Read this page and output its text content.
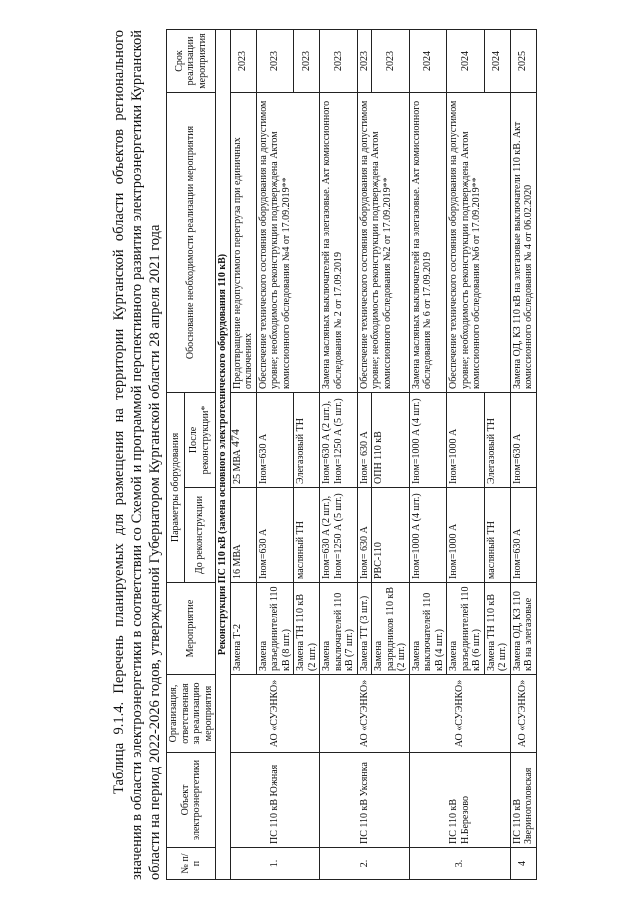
474

Таблица 9.1.4. Перечень планируемых для размещения на территории Курганской области объектов регионального значения в области электроэнергетики в соответствии со Схемой и программой перспективного развития электроэнергетики Курганской области на период 2022-2026 годов, утвержденной Губернатором Курганской области 28 апреля 2021 года № п/п	Объект электроэнергетики	Организация, ответственная за реализацию мероприятия	Мероприятие	Параметры оборудования		Обоснование необходимости реализации мероприятия	Срок реализации мероприятия
				До реконструкции	После реконструкции*		
Реконструкция ПС 110 кВ (замена основного электротехнического оборудования 110 кВ)							
1.	ПС 110 кВ Южная	АО «СУЭНКО»	Замена Т-2	16 МВА	25 МВА	Предотвращение недопустимого перегруза при единичных отключениях	2023
			Замена разъединителей 110 кВ (8 шт.)	Iном=630 А	Iном=630 А	Обеспечение технического состояния оборудования на допустимом уровне; необходимость реконструкции подтверждена Актом комиссионного обследования №4 от 17.09.2019**	2023
			Замена ТН 110 кВ (2 шт.)	масляный ТН	Элегазовый ТН		2023
2.	ПС 110 кВ Уксянка	АО «СУЭНКО»	Замена выключателей 110 кВ (7 шт.)	Iном=630 А (2 шт.), Iном=1250 А (5 шт.)	Iном=630 А (2 шт.), Iном=1250 А (5 шт.)	Замена масляных выключателей на элегазовые. Акт комиссионного обследования № 2 от 17.09.2019	2023
			Замена ТТ (3 шт.)	Iном= 630 А	Iном= 630 А	Обеспечение технического состояния оборудования на допустимом уровне; необходимость реконструкции подтверждена Актом комиссионного обследования №2 от 17.09.2019**	2023
			Замена разрядников 110 кВ (2 шт.)	РВС-110	ОПН 110 кВ		2023
3.	ПС 110 кВ Н.Березово	АО «СУЭНКО»	Замена выключателей 110 кВ (4 шт.)	Iном=1000 А (4 шт.)	Iном=1000 А (4 шт.)	Замена масляных выключателей на элегазовые. Акт комиссионного обследования № 6 от 17.09.2019	2024
			Замена разъединителей 110 кВ (6 шт.)	Iном=1000 А	Iном=1000 А	Обеспечение технического состояния оборудования на допустимом уровне; необходимость реконструкции подтверждена Актом комиссионного обследования №6 от 17.09.2019**	2024
			Замена ТН 110 кВ (2 шт.)	масляный ТН	Элегазовый ТН		2024
4	ПС 110 кВ Звериноголовская	АО «СУЭНКО»	Замена ОД, КЗ 110 кВ на элегазовые	Iном=630 А	Iном=630 А	Замена ОД, КЗ 110 кВ на элегазовые выключатели 110 кВ. Акт комиссионного обследования № 4 от 06.02.2020	2025
